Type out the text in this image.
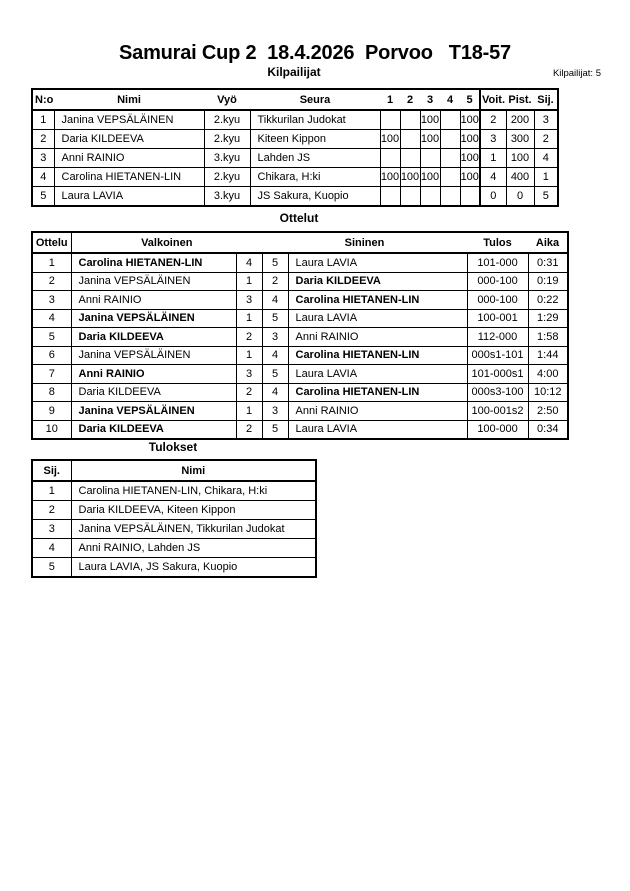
Samurai Cup 2  18.4.2026  Porvoo   T18-57
Kilpailijat	Kilpailijat: 5
N:o	Nimi	Vyö	Seura	1	2	3	4	5	Voit.	Pist.	Sij.
1	Janina VEPSÄLÄINEN	2.kyu	Tikkurilan Judokat			100		100	2	200	3
2	Daria KILDEEVA	2.kyu	Kiteen Kippon	100		100		100	3	300	2
3	Anni RAINIO	3.kyu	Lahden JS					100	1	100	4
4	Carolina HIETANEN-LIN	2.kyu	Chikara, H:ki	100	100	100		100	4	400	1
5	Laura LAVIA	3.kyu	JS Sakura, Kuopio						0	0	5
Ottelut
Ottelu	Valkoinen		Sininen		Tulos	Aika
1	Carolina HIETANEN-LIN	4	5	Laura LAVIA	101-000	0:31
2	Janina VEPSÄLÄINEN	1	2	Daria KILDEEVA	000-100	0:19
3	Anni RAINIO	3	4	Carolina HIETANEN-LIN	000-100	0:22
4	Janina VEPSÄLÄINEN	1	5	Laura LAVIA	100-001	1:29
5	Daria KILDEEVA	2	3	Anni RAINIO	112-000	1:58
6	Janina VEPSÄLÄINEN	1	4	Carolina HIETANEN-LIN	000s1-101	1:44
7	Anni RAINIO	3	5	Laura LAVIA	101-000s1	4:00
8	Daria KILDEEVA	2	4	Carolina HIETANEN-LIN	000s3-100	10:12
9	Janina VEPSÄLÄINEN	1	3	Anni RAINIO	100-001s2	2:50
10	Daria KILDEEVA	2	5	Laura LAVIA	100-000	0:34
Tulokset
Sij.	Nimi
1	Carolina HIETANEN-LIN, Chikara, H:ki
2	Daria KILDEEVA, Kiteen Kippon
3	Janina VEPSÄLÄINEN, Tikkurilan Judokat
4	Anni RAINIO, Lahden JS
5	Laura LAVIA, JS Sakura, Kuopio
